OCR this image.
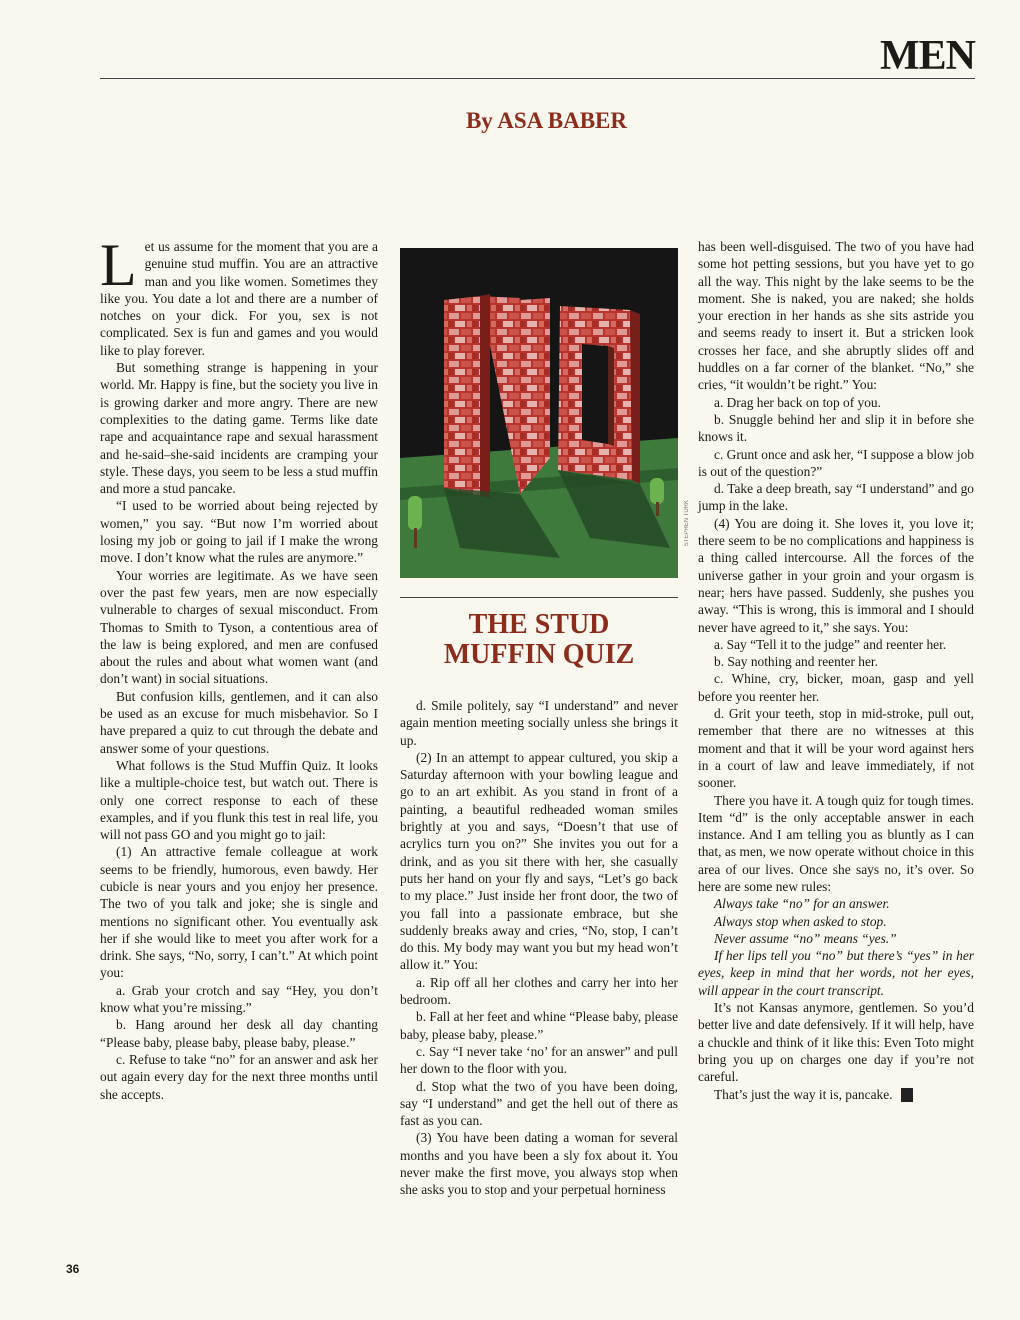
MEN
By ASA BABER

Let us assume for the moment that you are a genuine stud muffin. You are an attractive man and you like women. Sometimes they like you. You date a lot and there are a number of notches on your dick. For you, sex is not complicated. Sex is fun and games and you would like to play forever.

But something strange is happening in your world. Mr. Happy is fine, but the society you live in is growing darker and more angry. There are new complexities to the dating game. Terms like date rape and acquaintance rape and sexual harassment and he-said–she-said incidents are cramping your style. These days, you seem to be less a stud muffin and more a stud pancake.

“I used to be worried about being rejected by women,” you say. “But now I’m worried about losing my job or going to jail if I make the wrong move. I don’t know what the rules are anymore.”

Your worries are legitimate. As we have seen over the past few years, men are now especially vulnerable to charges of sexual misconduct. From Thomas to Smith to Tyson, a contentious area of the law is being explored, and men are confused about the rules and about what women want (and don’t want) in social situations.

But confusion kills, gentlemen, and it can also be used as an excuse for much misbehavior. So I have prepared a quiz to cut through the debate and answer some of your questions.

What follows is the Stud Muffin Quiz. It looks like a multiple-choice test, but watch out. There is only one correct response to each of these examples, and if you flunk this test in real life, you will not pass GO and you might go to jail:

(1) An attractive female colleague at work seems to be friendly, humorous, even bawdy. Her cubicle is near yours and you enjoy her presence. The two of you talk and joke; she is single and mentions no significant other. You eventually ask her if she would like to meet you after work for a drink. She says, “No, sorry, I can’t.” At which point you:

a. Grab your crotch and say “Hey, you don’t know what you’re missing.”

b. Hang around her desk all day chanting “Please baby, please baby, please baby, please.”

c. Refuse to take “no” for an answer and ask her out again every day for the next three months until she accepts.

STEPHEN TURK
THE STUD
MUFFIN QUIZ

d. Smile politely, say “I understand” and never again mention meeting socially unless she brings it up.

(2) In an attempt to appear cultured, you skip a Saturday afternoon with your bowling league and go to an art exhibit. As you stand in front of a painting, a beautiful redheaded woman smiles brightly at you and says, “Doesn’t that use of acrylics turn you on?” She invites you out for a drink, and as you sit there with her, she casually puts her hand on your fly and says, “Let’s go back to my place.” Just inside her front door, the two of you fall into a passionate embrace, but she suddenly breaks away and cries, “No, stop, I can’t do this. My body may want you but my head won’t allow it.” You:

a. Rip off all her clothes and carry her into her bedroom.

b. Fall at her feet and whine “Please baby, please baby, please baby, please.”

c. Say “I never take ‘no’ for an answer” and pull her down to the floor with you.

d. Stop what the two of you have been doing, say “I understand” and get the hell out of there as fast as you can.

(3) You have been dating a woman for several months and you have been a sly fox about it. You never make the first move, you always stop when she asks you to stop and your perpetual horniness

has been well-disguised. The two of you have had some hot petting sessions, but you have yet to go all the way. This night by the lake seems to be the moment. She is naked, you are naked; she holds your erection in her hands as she sits astride you and seems ready to insert it. But a stricken look crosses her face, and she abruptly slides off and huddles on a far corner of the blanket. “No,” she cries, “it wouldn’t be right.” You:

a. Drag her back on top of you.

b. Snuggle behind her and slip it in before she knows it.

c. Grunt once and ask her, “I suppose a blow job is out of the question?”

d. Take a deep breath, say “I understand” and go jump in the lake.

(4) You are doing it. She loves it, you love it; there seem to be no complications and happiness is a thing called intercourse. All the forces of the universe gather in your groin and your orgasm is near; hers have passed. Suddenly, she pushes you away. “This is wrong, this is immoral and I should never have agreed to it,” she says. You:

a. Say “Tell it to the judge” and reenter her.

b. Say nothing and reenter her.

c. Whine, cry, bicker, moan, gasp and yell before you reenter her.

d. Grit your teeth, stop in mid-stroke, pull out, remember that there are no witnesses at this moment and that it will be your word against hers in a court of law and leave immediately, if not sooner.

There you have it. A tough quiz for tough times. Item “d” is the only acceptable answer in each instance. And I am telling you as bluntly as I can that, as men, we now operate without choice in this area of our lives. Once she says no, it’s over. So here are some new rules:

Always take “no” for an answer.

Always stop when asked to stop.

Never assume “no” means “yes.”

If her lips tell you “no” but there’s “yes” in her eyes, keep in mind that her words, not her eyes, will appear in the court transcript.

It’s not Kansas anymore, gentlemen. So you’d better live and date defensively. If it will help, have a chuckle and think of it like this: Even Toto might bring you up on charges one day if you’re not careful.

That’s just the way it is, pancake.

36
